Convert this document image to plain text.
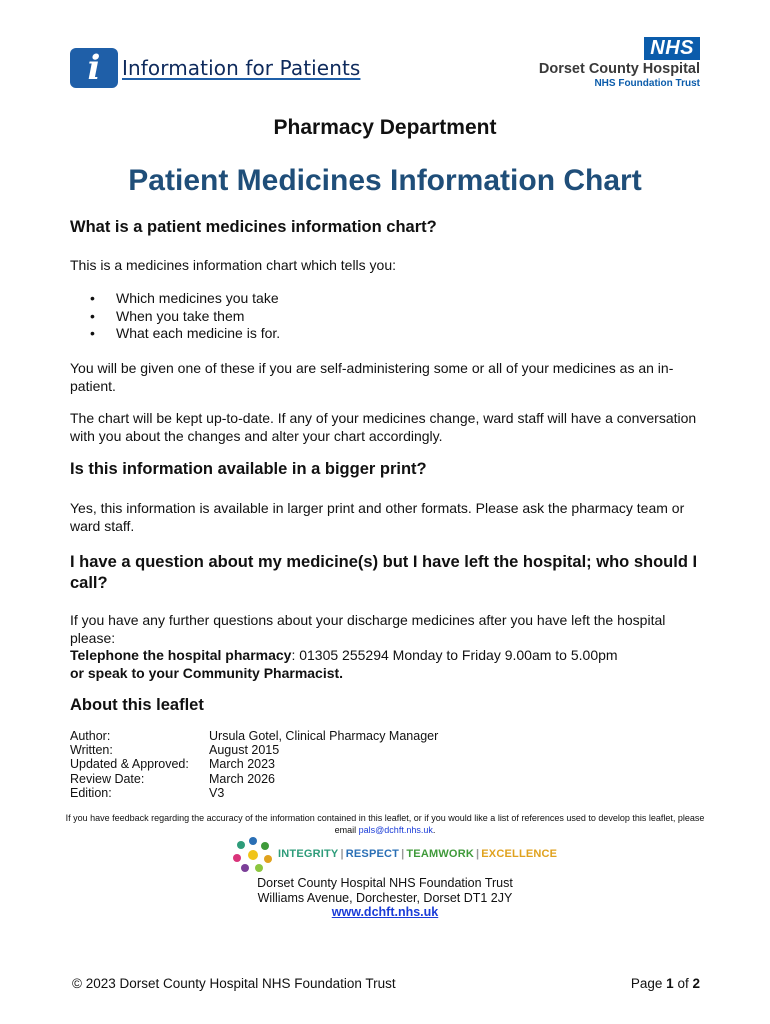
i	Information for Patients
NHS
Dorset County Hospital
NHS Foundation Trust
Pharmacy Department
Patient Medicines Information Chart
What is a patient medicines information chart?
This is a medicines information chart which tells you:
• Which medicines you take
• When you take them
• What each medicine is for.
You will be given one of these if you are self-administering some or all of your medicines as an in-patient.
The chart will be kept up-to-date. If any of your medicines change, ward staff will have a conversation with you about the changes and alter your chart accordingly.
Is this information available in a bigger print?
Yes, this information is available in larger print and other formats. Please ask the pharmacy team or ward staff.
I have a question about my medicine(s) but I have left the hospital; who should I call?
If you have any further questions about your discharge medicines after you have left the hospital please:
Telephone the hospital pharmacy: 01305 255294 Monday to Friday 9.00am to 5.00pm
or speak to your Community Pharmacist.
About this leaflet
Author:	Ursula Gotel, Clinical Pharmacy Manager
Written:	August 2015
Updated & Approved:	March 2023
Review Date:	March 2026
Edition:	V3
If you have feedback regarding the accuracy of the information contained in this leaflet, or if you would like a list of references used to develop this leaflet, please email pals@dchft.nhs.uk.
INTEGRITY | RESPECT | TEAMWORK | EXCELLENCE
Dorset County Hospital NHS Foundation Trust
Williams Avenue, Dorchester, Dorset DT1 2JY
www.dchft.nhs.uk
© 2023 Dorset County Hospital NHS Foundation Trust	Page 1 of 2
